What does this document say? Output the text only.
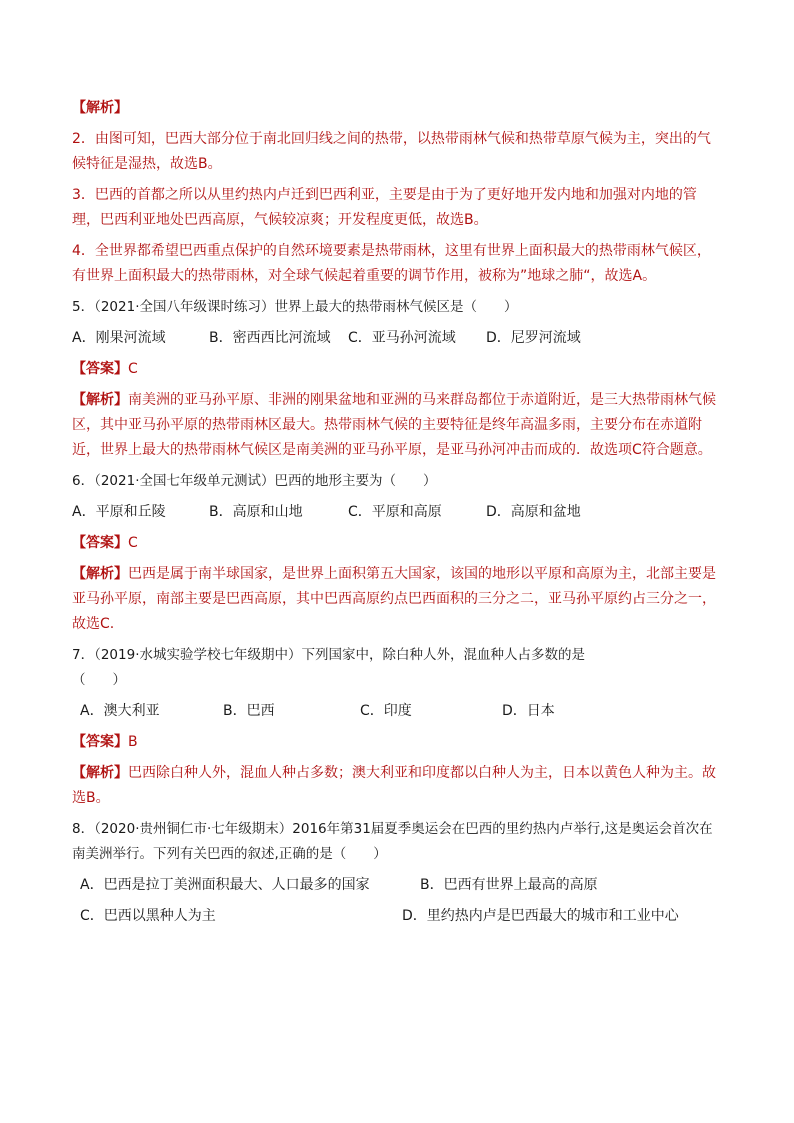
【解析】

2．由图可知，巴西大部分位于南北回归线之间的热带，以热带雨林气候和热带草原气候为主，突出的气候特征是湿热，故选B。

3．巴西的首都之所以从里约热内卢迁到巴西利亚，主要是由于为了更好地开发内地和加强对内地的管理，巴西利亚地处巴西高原，气候较凉爽；开发程度更低，故选B。

4．全世界都希望巴西重点保护的自然环境要素是热带雨林，这里有世界上面积最大的热带雨林气候区，有世界上面积最大的热带雨林，对全球气候起着重要的调节作用，被称为”地球之肺“，故选A。

5．（2021·全国八年级课时练习）世界上最大的热带雨林气候区是（　　）

A．刚果河流域	B．密西西比河流域	C．亚马孙河流域	D．尼罗河流域

【答案】C

【解析】南美洲的亚马孙平原、非洲的刚果盆地和亚洲的马来群岛都位于赤道附近，是三大热带雨林气候区，其中亚马孙平原的热带雨林区最大。热带雨林气候的主要特征是终年高温多雨，主要分布在赤道附近，世界上最大的热带雨林气候区是南美洲的亚马孙平原，是亚马孙河冲击而成的．故选项C符合题意。

6．（2021·全国七年级单元测试）巴西的地形主要为（　　）

A．平原和丘陵	B．高原和山地	C．平原和高原	D．高原和盆地

【答案】C

【解析】巴西是属于南半球国家，是世界上面积第五大国家，该国的地形以平原和高原为主，北部主要是亚马孙平原，南部主要是巴西高原，其中巴西高原约点巴西面积的三分之二，亚马孙平原约占三分之一，故选C.

7．（2019·水城实验学校七年级期中）下列国家中，除白种人外，混血种人占多数的是

（　　）

A．澳大利亚	B．巴西	C．印度	D．日本

【答案】B

【解析】巴西除白种人外，混血人种占多数；澳大利亚和印度都以白种人为主，日本以黄色人种为主。故选B。

8．（2020·贵州铜仁市·七年级期末）2016年第31届夏季奥运会在巴西的里约热内卢举行,这是奥运会首次在南美洲举行。下列有关巴西的叙述,正确的是（　　）

A．巴西是拉丁美洲面积最大、人口最多的国家	B．巴西有世界上最高的高原
C．巴西以黑种人为主	D．里约热内卢是巴西最大的城市和工业中心
